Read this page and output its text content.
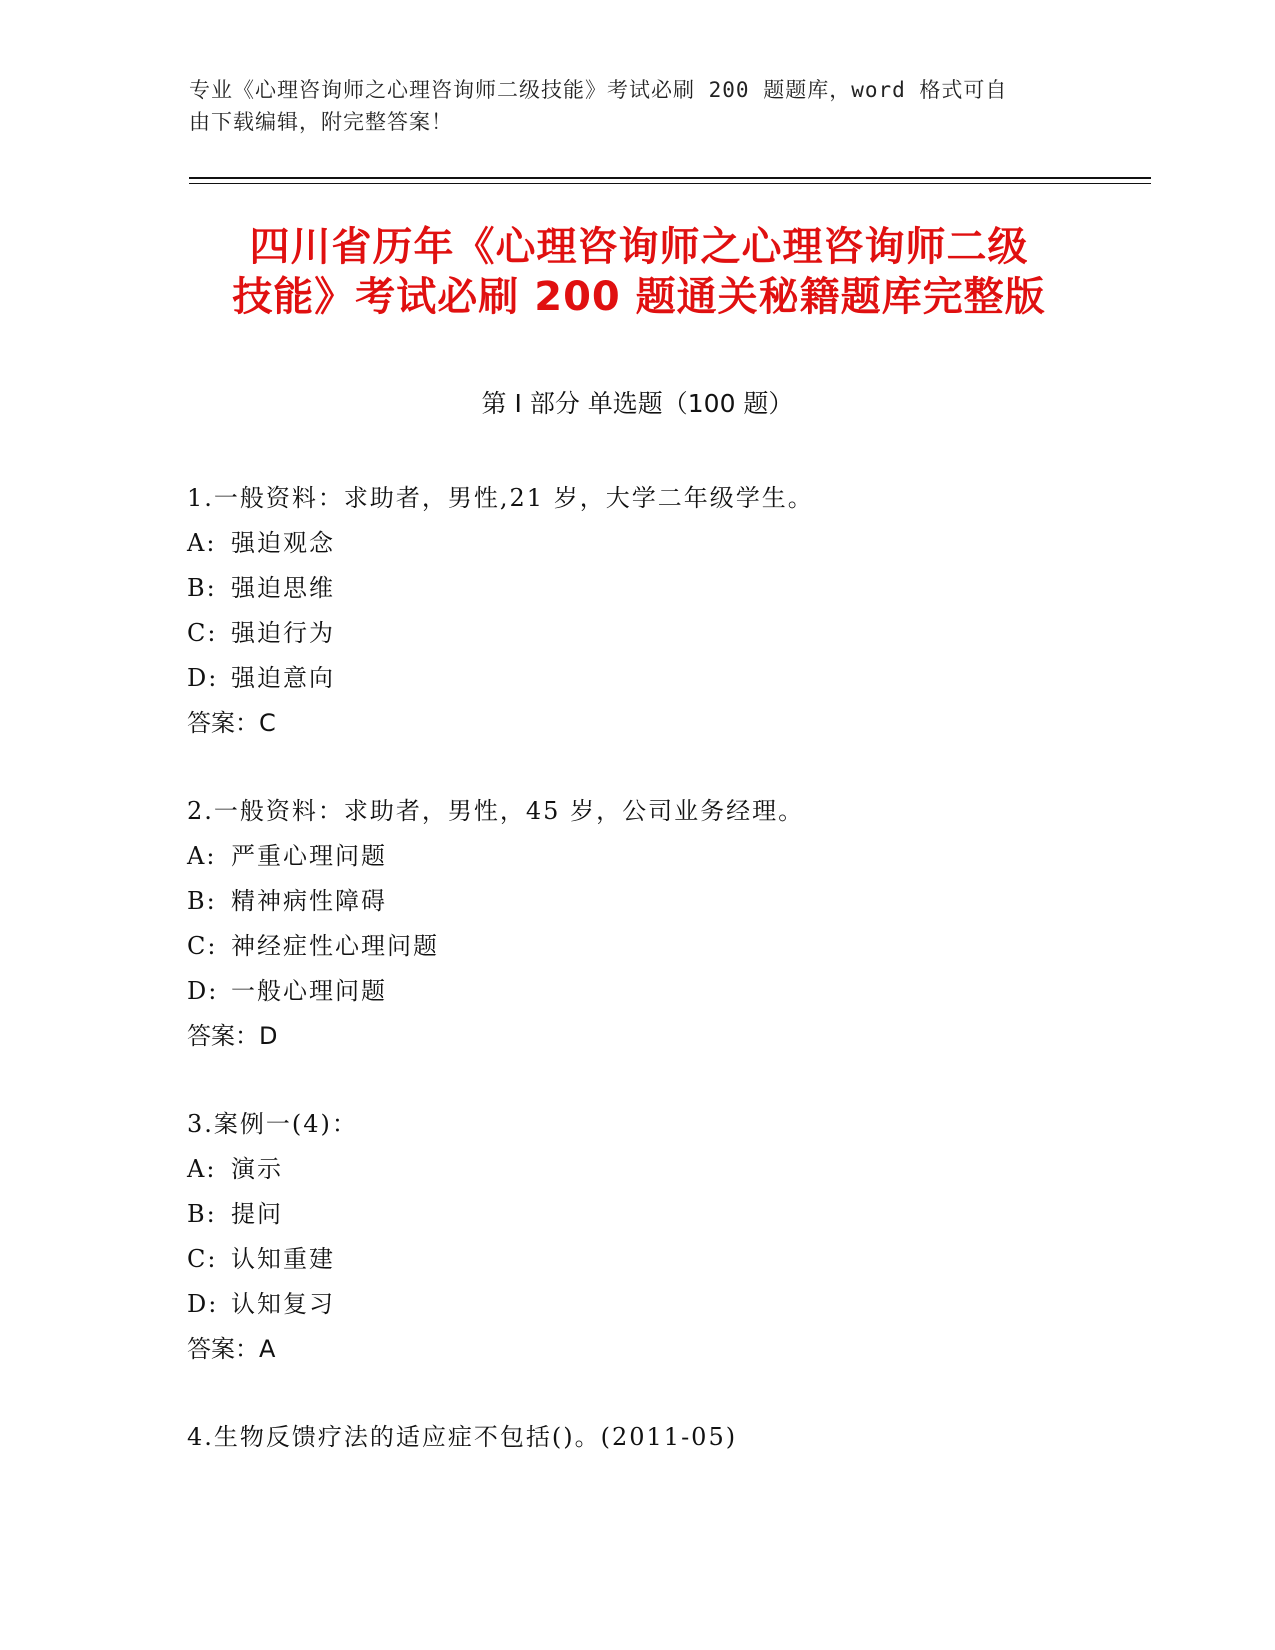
专业《心理咨询师之心理咨询师二级技能》考试必刷 200 题题库，word 格式可自
由下载编辑，附完整答案！
四川省历年《心理咨询师之心理咨询师二级
技能》考试必刷 200 题通关秘籍题库完整版
第 I 部分 单选题（100 题）
1.一般资料：求助者，男性,21 岁，大学二年级学生。
A: 强迫观念
B: 强迫思维
C: 强迫行为
D: 强迫意向
答案：C
2.一般资料：求助者，男性，45 岁，公司业务经理。
A: 严重心理问题
B: 精神病性障碍
C: 神经症性心理问题
D: 一般心理问题
答案：D
3.案例一(4)：
A: 演示
B: 提问
C: 认知重建
D: 认知复习
答案：A
4.生物反馈疗法的适应症不包括()。(2011-05)
